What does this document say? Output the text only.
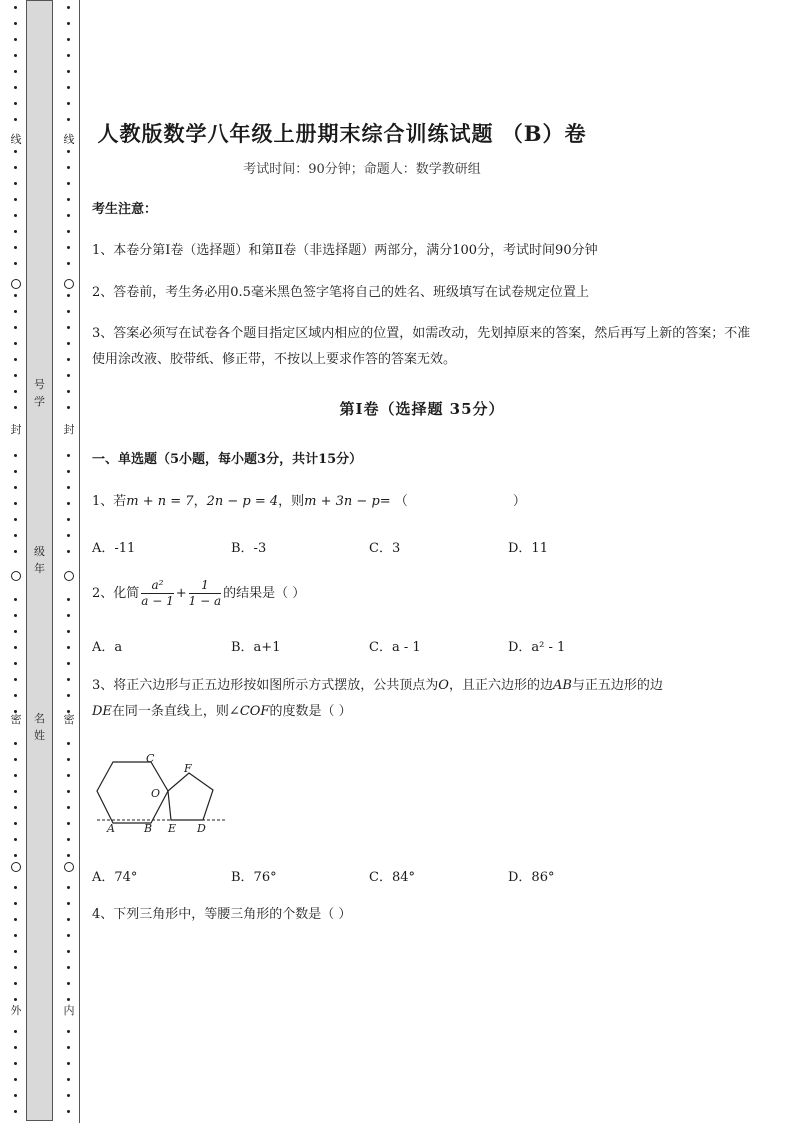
线
封
密
外
线
封
密
内
号
学
级
年
名
姓
人教版数学八年级上册期末综合训练试题 （B）卷
考试时间：90分钟；命题人：数学教研组
考生注意：
1、本卷分第I卷（选择题）和第Ⅱ卷（非选择题）两部分，满分100分，考试时间90分钟
2、答卷前，考生务必用0.5毫米黑色签字笔将自己的姓名、班级填写在试卷规定位置上
3、答案必须写在试卷各个题目指定区域内相应的位置，如需改动，先划掉原来的答案，然后再写上新的答案；不准使用涂改液、胶带纸、修正带，不按以上要求作答的答案无效。
第I卷（选择题 35分）
一、单选题（5小题，每小题3分，共计15分）
1、若m + n = 7，2n − p = 4，则m + 3n − p= （	）
A．-11	B．-3	C．3	D．11
2、化简 $\frac{\text{a²}}{a - 1} + \frac{1}{1 - a}$ 的结果是（ ）
A．a	B．a+1	C．a - 1	D．a² - 1
3、将正六边形与正五边形按如图所示方式摆放，公共顶点为O，且正六边形的边AB与正五边形的边
DE在同一条直线上，则∠COF的度数是（ ）
C
F
O
A	B E D
A．74°	B．76°	C．84°	D．86°
4、下列三角形中，等腰三角形的个数是（ ）
